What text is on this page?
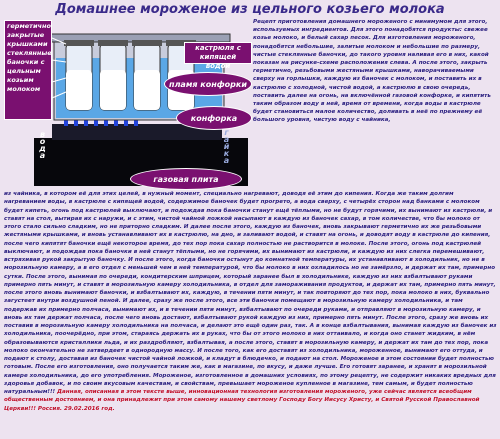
Домашнее мороженое из цельного козьего молока
герметично закрытые крышками стеклянные баночки с цельным козьим молоком
кастрюля с кипящей водой
пламя конфорки
конфорка
газовая плита
вода	гайка

Рецепт приготовления домашнего мороженого с минимумом для этого, используемых ингредиентов. Для этого понадобятся продукты: свежее козье молоко, и белый сахар песок. Для изготовления мороженого, понадобятся небольшие, залитые молоком и небольшие по размеру, чистые стеклянные баночки, до такого уровня наливая его в них, какой показан на рисунке-схеме расположения слева. А после этого, закрыть герметично, резьбовыми жестяными крышками, наворачиваемыми сверху на горлышки, каждую из баночек с молоком, и поставить их в кастрюлю с холодной, чистой водой, а кастрюлю в свою очередь, поставить далее на огонь, на включённой газовой конфорке, и кипятить таким образом воду в ней, время от времени, когда воды в кастрюле будет становиться малое количество, доливать в неё по прежнему её большого уровня, чистую воду с чайника,

из чайника, в котором её для этих целей, в нужный момент, специально нагревают, доводя её этим до кипения. Когда же таким долгим нагреванием воды, в кастрюле с кипящей водой, содержимое баночек будет прогрето, а вода сверху, с четырёх сторон над банками с молоком будет кипеть, огонь под кастрюлей выключают, и подождав пока баночки станут ещё тёплыми, но не будут горячими, их вынимают из кастрюли, и ставят на стол, вытирая их с наружи, и с этим, чистой чайной ложкой насыпают в каждую из баночек сахар, в том количестве, что бы молоко от этого стало сильно сладким, но не приторно сладким. И далее после этого, каждую из баночек, вновь закрывают герметично их же резьбовыми жестяными крышками, и вновь устанавливают их в кастрюлю, на дно, и заливают водой, и ставят на огонь, и доводят воду в кастрюле до кипения, после чего кипятят баночки ещё некоторое время, до тех пор пока сахар полностью не растворится в молоке. После этого, огонь под кастрюлей выключают, и подождав пока баночки в ней станут тёплыми, но не горячими, их вынимают из кастрюли, и каждую из них слегка перемешивают, встряхивая рукой закрытую баночку. И после этого, когда баночки остынут до комнатной температуры, их устанавливают в холодильник, но не в морозильную камеру, а в его отдел с меньшей чем в ней температурой, что бы молоко в них охладилось но не замёрзло, и держат их там, примерно сутки. После этого, вынимая по очереди, кондитерским шприцем, который заранее был в холодильнике, каждую из них взбалтывают руками примерно пять минут, и ставят в морозильную камеру холодильника, в отдел для замораживания продуктов, и держат их там, примерно пять минут, после этого вновь вынимают баночки, и взбалтывают их, каждую, в течении пяти минут, и так повторяют до тех пор, пока молоко в них, буквально загустеет внутри воздушной пеной. И далее, сразу же после этого, все эти баночки помещают в морозильную камеру холодильника, и там подержав их примерно полчаса, вынимают их, и в течении пяти минут, взбалтывают по очереди руками, и отправляют в морозильную камеру, и вновь их там держат полчаса, после чего вновь достают, взбалтывают рукой каждую из них, примерно пять минут. После этого, сразу же вновь их поставив в морозильную камеру холодильника на полчаса, и делают это ещё один раз, так. А в конце взбалтывания, вынимая каждую из баночек из холодильника, поочерёдно, при этом, стараясь держать их в руках, что бы от этого молоко в них оттаивало, и когда оно станет жидким, в нём образовываются кристаллики льда, и их раздробляют, взбалтывая, а после этого, ставят в морозильную камеру, и держат их там до тех пор, пока молоко окончательно не затвердеет в однородную массу. И после того, как его доставят из холодильника, мороженное, вынимают его оттуда, и подают к столу, доставая из баночек чистой чайной ложкой, и кладут в блюдечко, и подают на стол. Мороженое в этом состоянии будет полностью готовым. После его изготовления, оно получается таким же, как в магазине, по вкусу, и даже лучше. Его готовят заранее, и хранят в морозильной камере холодильника, до его употребления. Мороженое, изготовленное в домашних условиях, по этому рецепту, не содержит никаких вредных для здоровья добавок, и по своим вкусовым качествам, и свойствам, превышает мороженое купленное в магазине, тем самым, и будет полностью натуральным!!! Данная, описанная в этом тексте выше, инновационная технология изготовления мороженого, уже сейчас является всеобщим общественным достоянием, и она принадлежит при этом самому нашему светлому Господу Богу Иисусу Христу, и Святой Русской Православной Церкви!!! Россия. 29.02.2016 год.
